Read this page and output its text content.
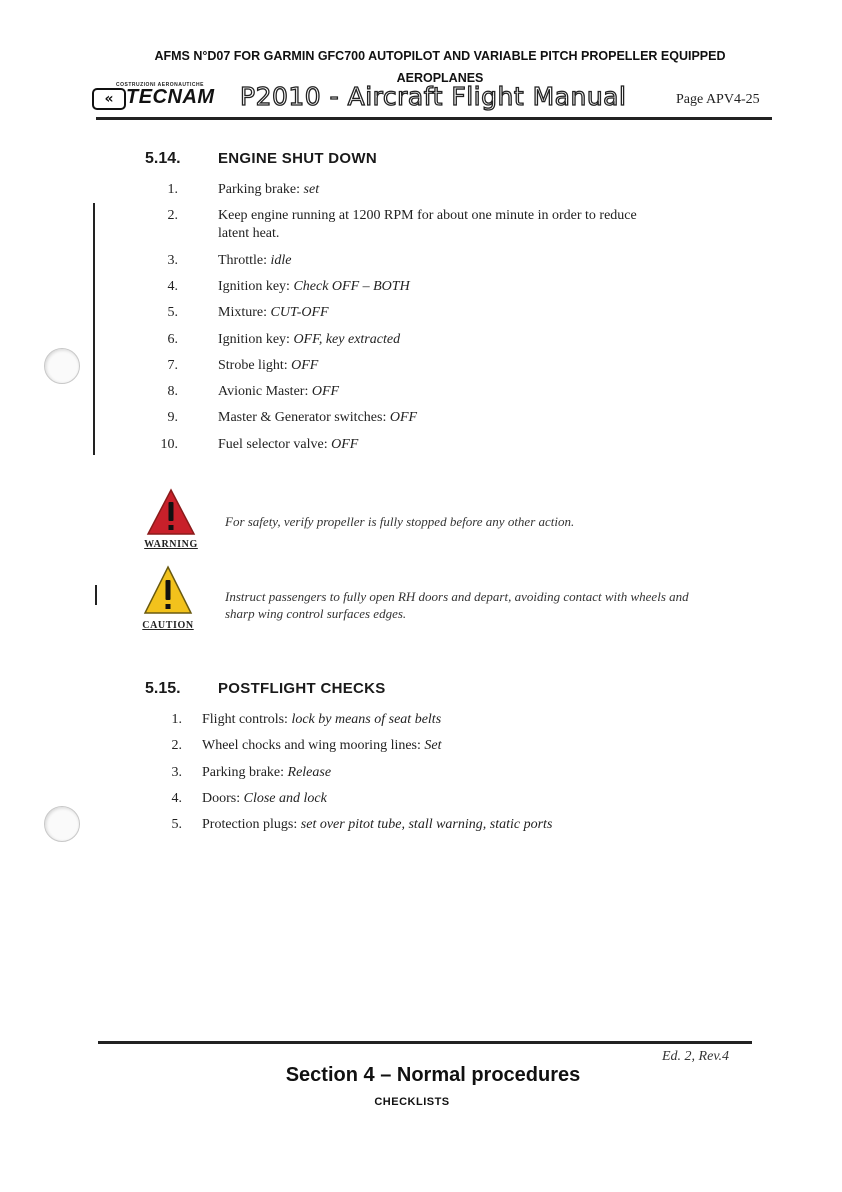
AFMS N°D07 FOR GARMIN GFC700 AUTOPILOT AND VARIABLE PITCH PROPELLER EQUIPPED
AEROPLANES
COSTRUZIONI AERONAUTICHE
« TECNAM P2010 - Aircraft Flight Manual	Page APV4-25
5.14. ENGINE SHUT DOWN
1.	Parking brake: set
2.	Keep engine running at 1200 RPM for about one minute in order to reduce
latent heat.
3.	Throttle: idle
4.	Ignition key: Check OFF – BOTH
5.	Mixture: CUT-OFF
6.	Ignition key: OFF, key extracted
7.	Strobe light: OFF
8.	Avionic Master: OFF
9.	Master & Generator switches: OFF
10.	Fuel selector valve: OFF
WARNING
For safety, verify propeller is fully stopped before any other action.
CAUTION
Instruct passengers to fully open RH doors and depart, avoiding contact with wheels and
sharp wing control surfaces edges.
5.15. POSTFLIGHT CHECKS
1. Flight controls: lock by means of seat belts
2. Wheel chocks and wing mooring lines: Set
3. Parking brake: Release
4. Doors: Close and lock
5. Protection plugs: set over pitot tube, stall warning, static ports
Ed. 2, Rev.4
Section 4 – Normal procedures
CHECKLISTS
